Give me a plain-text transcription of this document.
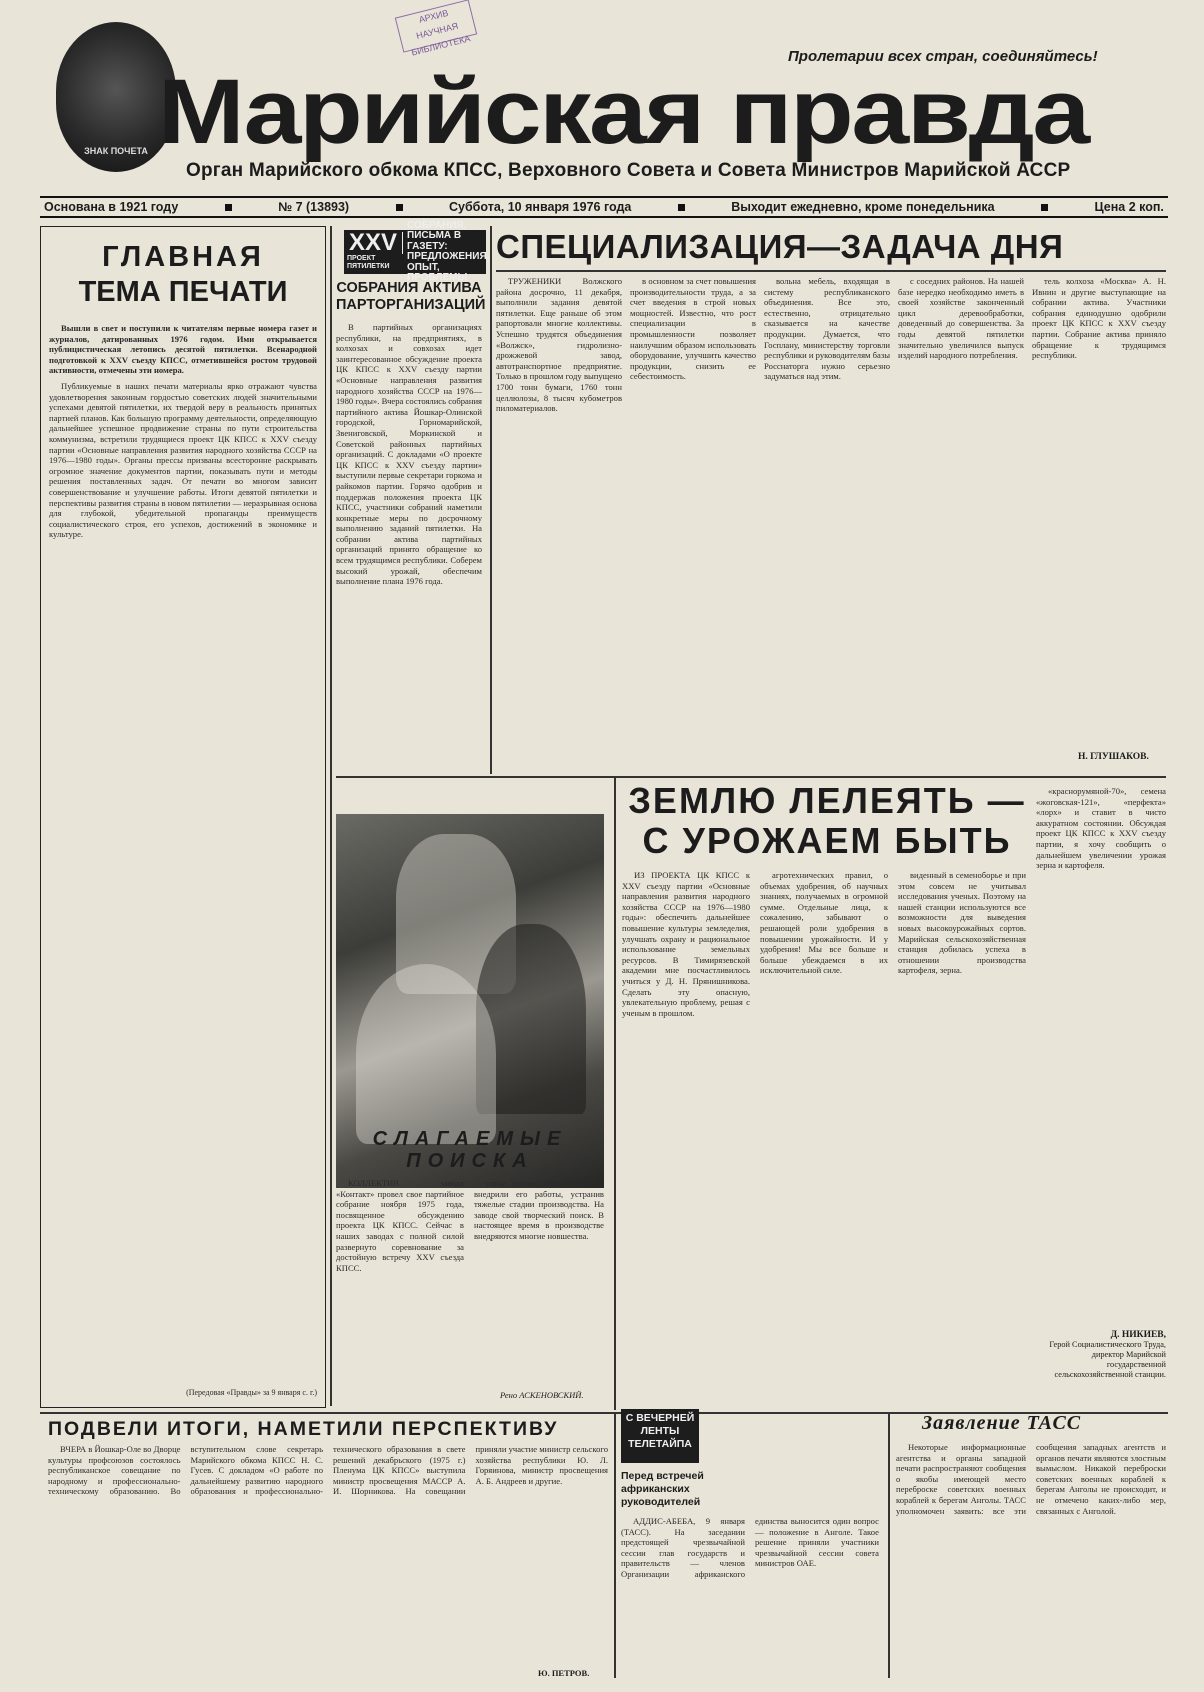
ЗНАК ПОЧЕТА
АРХИВ НАУЧНАЯ БИБЛИОТЕКА	Пролетарии всех стран, соединяйтесь!
Марийская правда
Орган Марийского обкома КПСС, Верховного Совета и Совета Министров Марийской АССР
Основана в 1921 году	№ 7 (13893)	Суббота, 10 января 1976 года	Выходит ежедневно, кроме понедельника	Цена 2 коп.
ГЛАВНАЯ
ТЕМА ПЕЧАТИ

Вышли в свет и поступили к читателям первые номера газет и журналов, датированных 1976 годом. Ими открывается публицистическая летопись десятой пятилетки. Всенародной подготовкой к XXV съезду КПСС, отметившейся ростом трудовой активности, отмечены эти номера.

Публикуемые в наших печати материалы ярко отражают чувства удовлетворения законным гордостью советских людей значительными успехами девятой пятилетки, их твердой веру в реальность принятых партией планов. Как большую программу деятельности, определяющую дальнейшее успешное продвижение страны по пути строительства коммунизма, встретили трудящиеся проект ЦК КПСС к XXV съезду партии «Основные направления развития народного хозяйства СССР на 1976—1980 годы». Органы прессы призваны всесторонне раскрывать огромное значение документов партии, показывать пути и методы решения поставленных задач. От печати во многом зависит совершенствование и улучшение работы. Итоги девятой пятилетки и перспективы развития страны в новом пятилетии — неразрывная основа для глубокой, убедительной пропаганды преимуществ социалистического строя, его успехов, достижений в экономике и культуре.

(Передовая «Правды» за 9 января с. г.)
XXV
ПРОЕКТ ПЯТИЛЕТКИ
СОБРАНИЯ, ПИСЬМА В ГАЗЕТУ: ПРЕДЛОЖЕНИЯ, ОПЫТ, ПРОБЛЕМЫ
СОБРАНИЯ АКТИВА ПАРТОРГАНИЗАЦИЙ

В партийных организациях республики, на предприятиях, в колхозах и совхозах идет заинтересованное обсуждение проекта ЦК КПСС к XXV съезду партии «Основные направления развития народного хозяйства СССР на 1976—1980 годы». Вчера состоялись собрания партийного актива Йошкар-Олинской городской, Горномарийской, Звениговской, Моркинской и Советской районных партийных организаций. С докладами «О проекте ЦК КПСС к XXV съезду партии» выступили первые секретари горкома и райкомов партии. Горячо одобрив и поддержав положения проекта ЦК КПСС, участники собраний наметили конкретные меры по досрочному выполнению заданий пятилетки. На собрании актива партийных организаций принято обращение ко всем трудящимся республики. Соберем высокий урожай, обеспечим выполнение плана 1976 года.

СПЕЦИАЛИЗАЦИЯ—ЗАДАЧА ДНЯ

ТРУЖЕНИКИ Волжского района досрочно, 11 декабря, выполнили задания девятой пятилетки. Еще раньше об этом рапортовали многие коллективы. Успешно трудятся объединения «Волжск», гидролизно-дрожжевой завод, автотранспортное предприятие. Только в прошлом году выпущено 1700 тонн бумаги, 1760 тонн целлюлозы, 8 тысяч кубометров пиломатериалов.

в основном за счет повышения производительности труда, а за счет введения в строй новых мощностей. Известно, что рост специализации в промышленности позволяет наилучшим образом использовать оборудование, улучшить качество продукции, снизить ее себестоимость.

вольна мебель, входящая в систему республиканского объединения. Все это, естественно, отрицательно сказывается на качестве продукции. Думается, что Госплану, министерству торговли республики и руководителям базы Росснаторга нужно серьезно задуматься над этим.

с соседних районов. На нашей базе нередко необходимо иметь в своей хозяйстве законченный цикл деревообработки, доведенный до совершенства. За годы девятой пятилетки значительно увеличился выпуск изделий народного потребления.

тель колхоза «Москва» А. Н. Ивнин и другие выступающие на собрании актива. Участники собрания единодушно одобрили проект ЦК КПСС к XXV съезду партии. Собрание актива приняло обращение к трудящимся республики.

Н. ГЛУШАКОВ.
СЛАГАЕМЫЕ
ПОИСКА

КОЛЛЕКТИВ завода «Контакт» провел свое партийное собрание ноября 1975 года, посвященное обсуждению проекта ЦК КПСС. Сейчас в наших заводах с полной силой развернуто соревнование за достойную встречу XXV съезда КПСС.

сятки единиц оборудования и внедрили его работы, устранив тяжелые стадии производства. На заводе свой творческий поиск. В настоящее время в производстве внедряются многие новшества.

Рено АСКЕНОВСКИЙ.
ЗЕМЛЮ ЛЕЛЕЯТЬ —
С УРОЖАЕМ БЫТЬ

ИЗ ПРОЕКТА ЦК КПСС к XXV съезду партии «Основные направления развития народного хозяйства СССР на 1976—1980 годы»: обеспечить дальнейшее повышение культуры земледелия, улучшать охрану и рациональное использование земельных ресурсов. В Тимирязевской академии мне посчастливилось учиться у Д. Н. Прянишникова. Сделать эту опасную, увлекательную проблему, решая с ученым в прошлом.

агротехнических правил, о объемах удобрения, об научных знаниях, получаемых в огромной сумме. Отдельные лица, к сожалению, забывают о решающей роли удобрения в повышении урожайности. И у удобрения! Мы все больше и больше убеждаемся в их исключительной силе.

виденный в семеноборье и при этом совсем не учитывал исследования ученых. Поэтому на нашей станции используются все возможности для выведения новых высокоурожайных сортов. Марийская сельскохозяйственная станция добилась успеха в отношении производства картофеля, зерна.

«краснорумяной-70», семена «жоговская-121», «перфекта» «лорх» и ставит в чисто аккуратном состоянии. Обсуждая проект ЦК КПСС к XXV съезду партии, я хочу сообщить о дальнейшем увеличении урожая зерна и картофеля.

Д. НИКИЕВ,
Герой Социалистического Труда, директор Марийской государственной сельскохозяйственной станции.
ПОДВЕЛИ ИТОГИ, НАМЕТИЛИ ПЕРСПЕКТИВУ

ВЧЕРА в Йошкар-Оле во Дворце культуры профсоюзов состоялось республиканское совещание по народному и профессионально-техническому образованию. Во вступительном слове секретарь Марийского обкома КПСС Н. С. Гусев. С докладом «О работе по дальнейшему развитию народного образования и профессионально-технического образования в свете решений декабрьского (1975 г.) Пленума ЦК КПСС» выступила министр просвещения МАССР А. И. Шорникова. На совещании приняли участие министр сельского хозяйства республики Ю. Л. Горяинова, министр просвещения А. Б. Андреев и другие.

Ю. ПЕТРОВ.
С ВЕЧЕРНЕЙ ЛЕНТЫ ТЕЛЕТАЙПА
Перед встречей африканских руководителей

АДДИС-АБЕБА, 9 января (ТАСС). На заседании предстоящей чрезвычайной сессии глав государств и правительств — членов Организации африканского единства выносится один вопрос — положение в Анголе. Такое решение приняли участники чрезвычайной сессии совета министров ОАЕ.

Заявление ТАСС

Некоторые информационные агентства и органы западной печати распространяют сообщения о якобы имеющей место переброске советских военных кораблей к берегам Анголы. ТАСС уполномочен заявить: все эти сообщения западных агентств и органов печати являются злостным вымыслом. Никакой переброски советских военных кораблей к берегам Анголы не происходит, и не отмечено каких-либо мер, связанных с Анголой.
